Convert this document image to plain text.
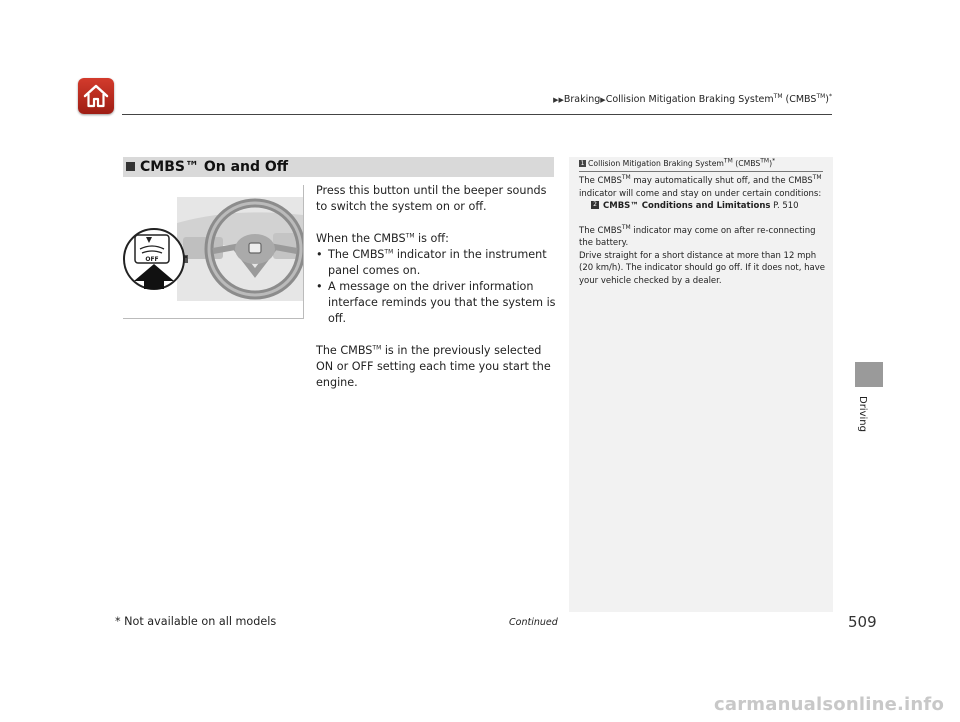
▶▶Braking▶Collision Mitigation Braking System™ (CMBS™)*
Driving
CMBS™ On and Off
OFF

Press this button until the beeper sounds to switch the system on or off.

When the CMBS™ is off:

• The CMBS™ indicator in the instrument panel comes on.

• A message on the driver information interface reminds you that the system is off.

The CMBS™ is in the previously selected ON or OFF setting each time you start the engine.

1 Collision Mitigation Braking System™ (CMBS™)*

The CMBS™ may automatically shut off, and the CMBS™ indicator will come and stay on under certain conditions:

2 CMBS™ Conditions and Limitations P. 510

The CMBS™ indicator may come on after re-connecting the battery.

Drive straight for a short distance at more than 12 mph (20 km/h). The indicator should go off. If it does not, have your vehicle checked by a dealer.

* Not available on all models	Continued	509
carmanualsonline.info
